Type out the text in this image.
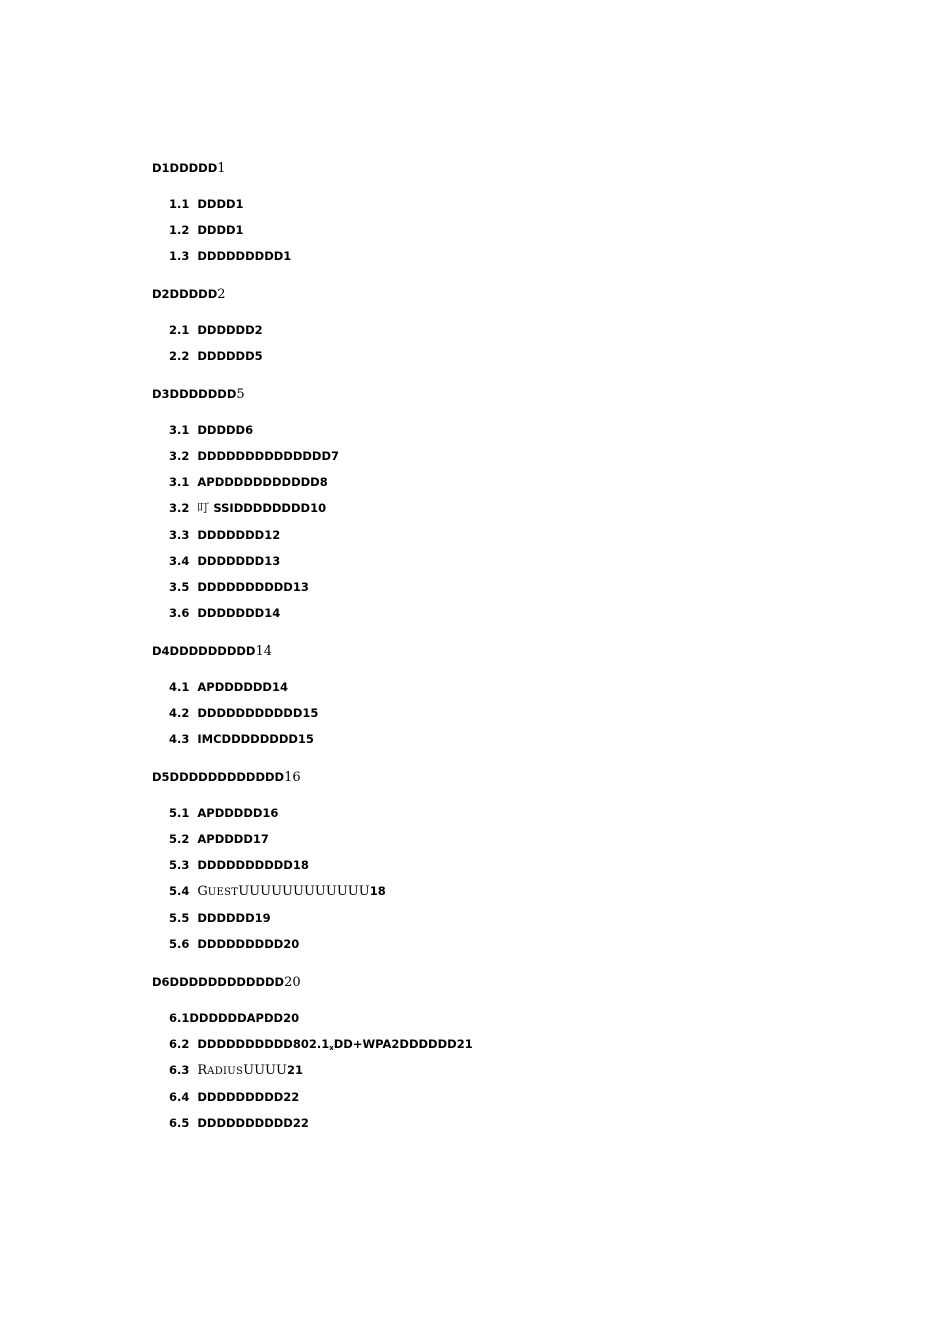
D1DDDDD1
1.1 DDDD1
1.2 DDDD1
1.3 DDDDDDDDD1
D2DDDDD2
2.1 DDDDDD2
2.2 DDDDDD5
D3DDDDDDD5
3.1 DDDDD6
3.2 DDDDDDDDDDDDDD7
3.1 APDDDDDDDDDDD8
3.2 叮 SSIDDDDDDDD10
3.3 DDDDDDD12
3.4 DDDDDDD13
3.5 DDDDDDDDDD13
3.6 DDDDDDD14
D4DDDDDDDDD14
4.1 APDDDDDD14
4.2 DDDDDDDDDDD15
4.3 IMCDDDDDDDD15
D5DDDDDDDDDDDD16
5.1 APDDDDD16
5.2 APDDDD17
5.3 DDDDDDDDDD18
5.4 GUESTUUUUUUUUUUUU18
5.5 DDDDDD19
5.6 DDDDDDDDD20
D6DDDDDDDDDDDD20
6.1DDDDDDAPDD20
6.2 $DDDDDDDDDD802.1_xDD+WPA2DDDDDD21$
6.3 RADIUSUUUU21
6.4 DDDDDDDDD22
6.5 DDDDDDDDDD22
